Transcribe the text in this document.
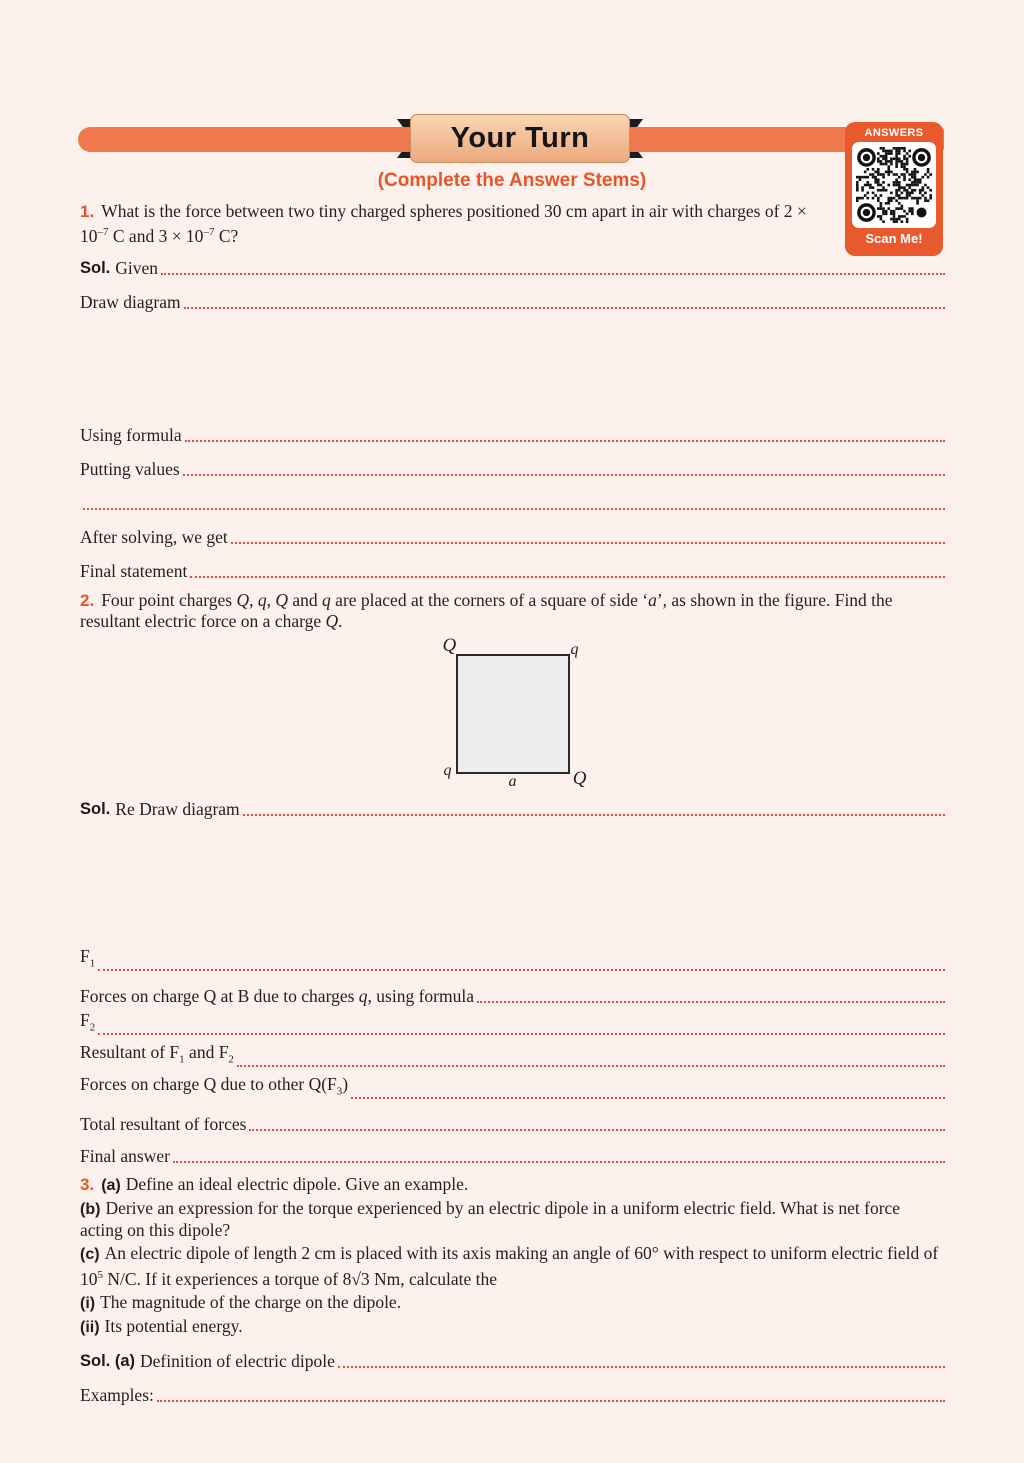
Your Turn	ANSWERS
Scan Me!
(Complete the Answer Stems)

1. What is the force between two tiny charged spheres positioned 30 cm apart in air with charges of $2 \times 10^{-7}$ C and $3 \times 10^{-7}$ C?

Sol. Given
Draw diagram
Using formula
Putting values
After solving, we get
Final statement

2. Four point charges Q, q, Q and q are placed at the corners of a square of side ‘a’, as shown in the figure. Find the resultant electric force on a charge Q.

Q	q
q	Q
a
Sol. Re Draw diagram
$F_1$
Forces on charge Q at B due to charges q, using formula
$F_2$
Resultant of $F_1$ and $F_2$
Forces on charge Q due to other $Q(F_3)$
Total resultant of forces
Final answer

3. (a) Define an ideal electric dipole. Give an example.

(b) Derive an expression for the torque experienced by an electric dipole in a uniform electric field. What is net force acting on this dipole?

(c) An electric dipole of length 2 cm is placed with its axis making an angle of 60° with respect to uniform electric field of $10^5$ N/C. If it experiences a torque of 8√3 Nm, calculate the

(i) The magnitude of the charge on the dipole.

(ii) Its potential energy.

Sol. (a) Definition of electric dipole
Examples:
